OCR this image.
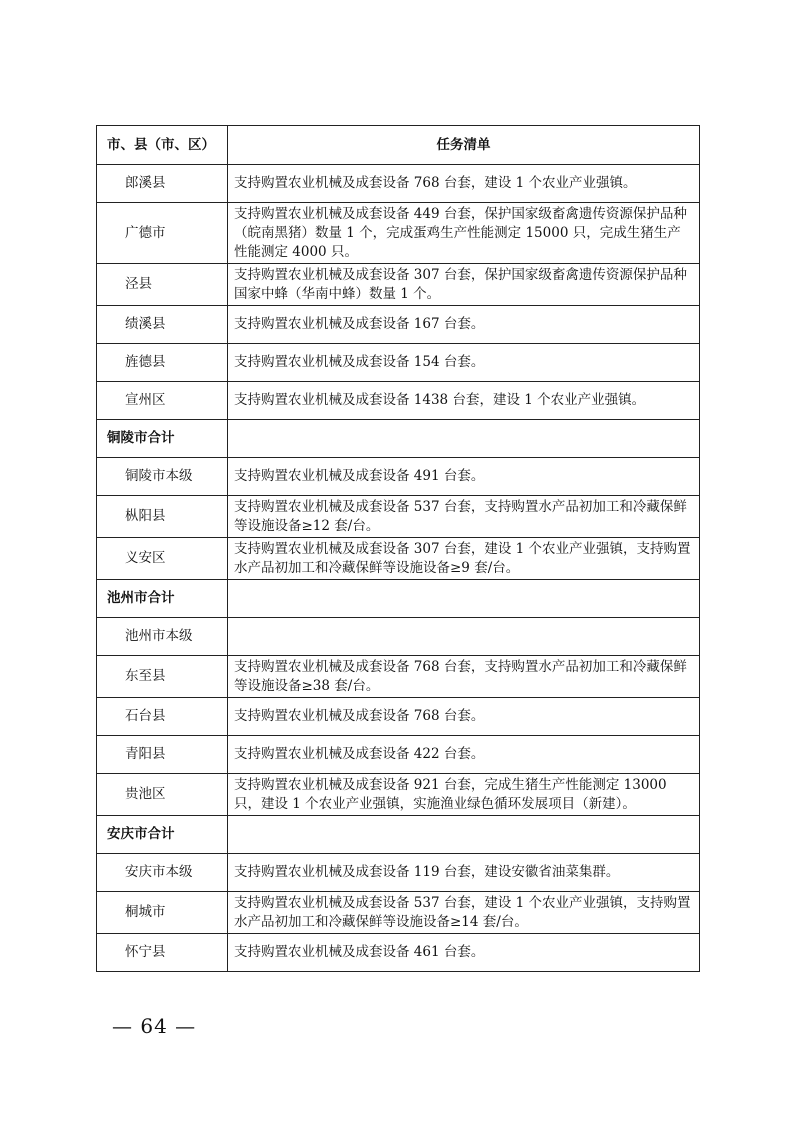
市、县（市、区）	任务清单
郎溪县	支持购置农业机械及成套设备 768 台套，建设 1 个农业产业强镇。
广德市	支持购置农业机械及成套设备 449 台套，保护国家级畜禽遗传资源保护品种（皖南黑猪）数量 1 个，完成蛋鸡生产性能测定 15000 只，完成生猪生产性能测定 4000 只。
泾县	支持购置农业机械及成套设备 307 台套，保护国家级畜禽遗传资源保护品种国家中蜂（华南中蜂）数量 1 个。
绩溪县	支持购置农业机械及成套设备 167 台套。
旌德县	支持购置农业机械及成套设备 154 台套。
宣州区	支持购置农业机械及成套设备 1438 台套，建设 1 个农业产业强镇。
铜陵市合计	
铜陵市本级	支持购置农业机械及成套设备 491 台套。
枞阳县	支持购置农业机械及成套设备 537 台套，支持购置水产品初加工和冷藏保鲜等设施设备≥12 套/台。
义安区	支持购置农业机械及成套设备 307 台套，建设 1 个农业产业强镇，支持购置水产品初加工和冷藏保鲜等设施设备≥9 套/台。
池州市合计	
池州市本级	
东至县	支持购置农业机械及成套设备 768 台套，支持购置水产品初加工和冷藏保鲜等设施设备≥38 套/台。
石台县	支持购置农业机械及成套设备 768 台套。
青阳县	支持购置农业机械及成套设备 422 台套。
贵池区	支持购置农业机械及成套设备 921 台套，完成生猪生产性能测定 13000 只，建设 1 个农业产业强镇，实施渔业绿色循环发展项目（新建）。
安庆市合计	
安庆市本级	支持购置农业机械及成套设备 119 台套，建设安徽省油菜集群。
桐城市	支持购置农业机械及成套设备 537 台套，建设 1 个农业产业强镇，支持购置水产品初加工和冷藏保鲜等设施设备≥14 套/台。
怀宁县	支持购置农业机械及成套设备 461 台套。
— 64 —
